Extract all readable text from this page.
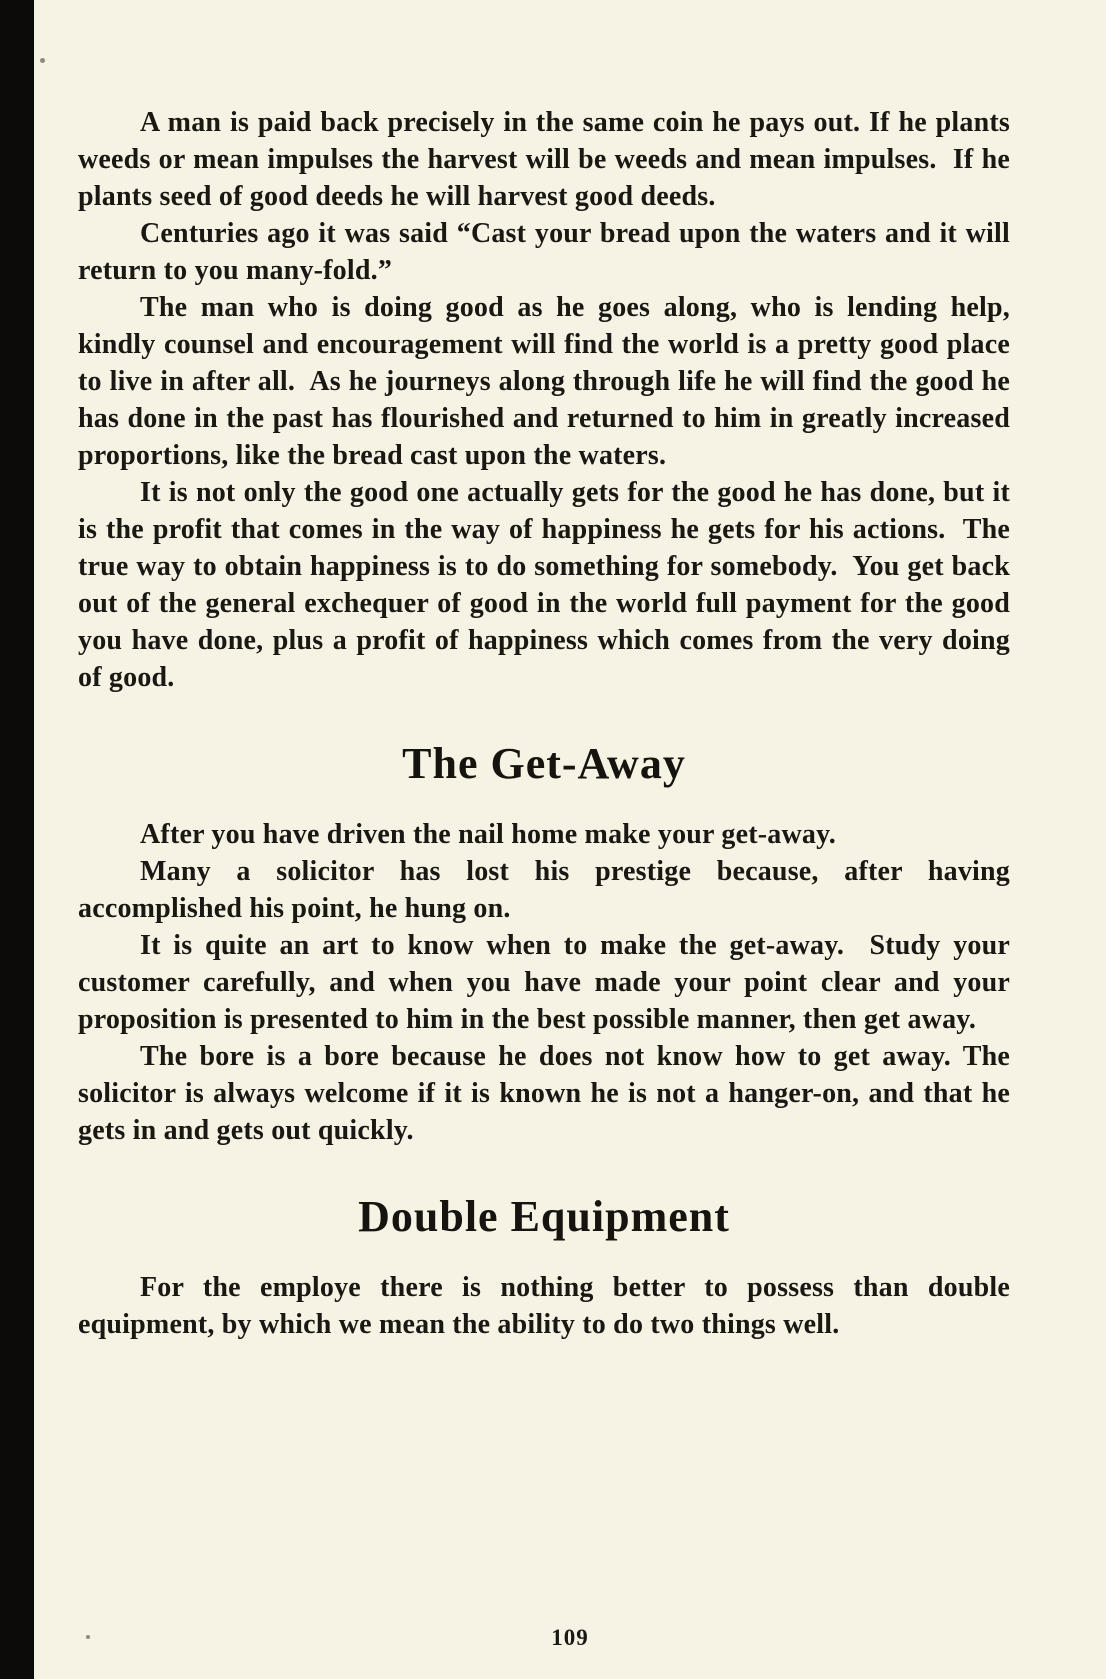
A man is paid back precisely in the same coin he pays out. If he plants weeds or mean impulses the harvest will be weeds and mean impulses.  If he plants seed of good deeds he will harvest good deeds.

Centuries ago it was said “Cast your bread upon the waters and it will return to you many-fold.”

The man who is doing good as he goes along, who is lending help, kindly counsel and encouragement will find the world is a pretty good place to live in after all.  As he journeys along through life he will find the good he has done in the past has flourished and returned to him in greatly increased proportions, like the bread cast upon the waters.

It is not only the good one actually gets for the good he has done, but it is the profit that comes in the way of happiness he gets for his actions.  The true way to obtain happiness is to do something for somebody.  You get back out of the general exchequer of good in the world full payment for the good you have done, plus a profit of happiness which comes from the very doing of good.

The Get-Away

After you have driven the nail home make your get-away.

Many a solicitor has lost his prestige because, after having accomplished his point, he hung on.

It is quite an art to know when to make the get-away.  Study your customer carefully, and when you have made your point clear and your proposition is presented to him in the best possible manner, then get away.

The bore is a bore because he does not know how to get away. The solicitor is always welcome if it is known he is not a hanger-on, and that he gets in and gets out quickly.

Double Equipment

For the employe there is nothing better to possess than double equipment, by which we mean the ability to do two things well.

109
